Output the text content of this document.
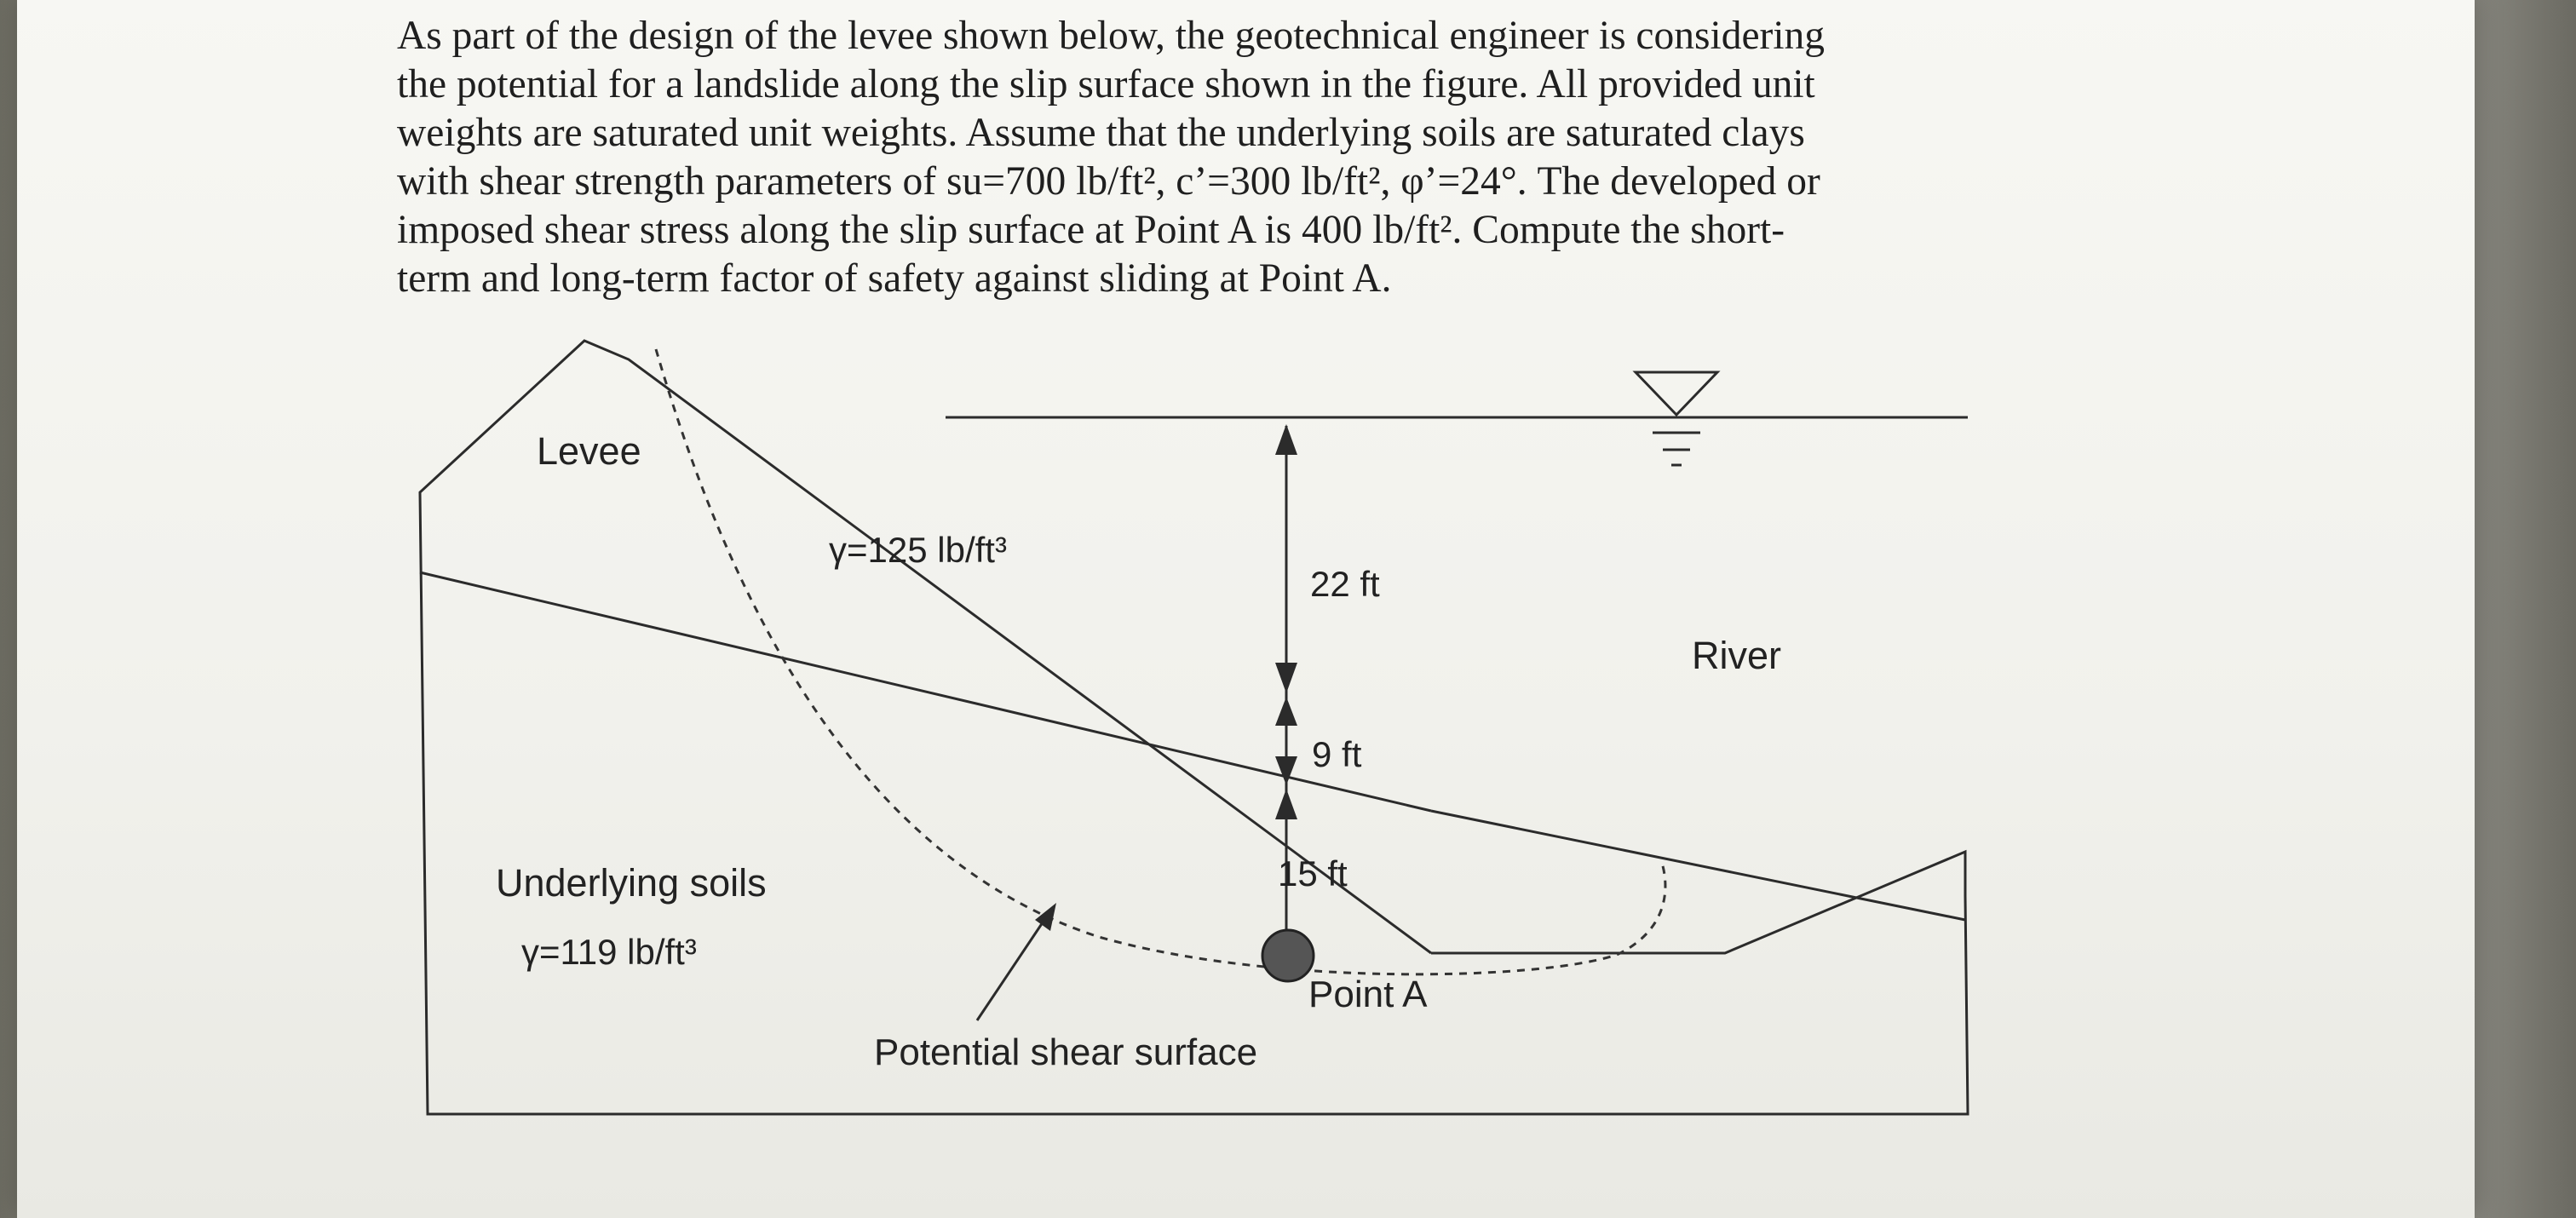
As part of the design of the levee shown below, the geotechnical engineer is considering
the potential for a landslide along the slip surface shown in the figure. All provided unit
weights are saturated unit weights. Assume that the underlying soils are saturated clays
with shear strength parameters of su=700 lb/ft², c’=300 lb/ft², φ’=24°. The developed or
imposed shear stress along the slip surface at Point A is 400 lb/ft². Compute the short-
term and long-term factor of safety against sliding at Point A.

Levee
γ=125 lb/ft³
22 ft
River
9 ft
15 ft
Underlying soils
γ=119 lb/ft³
Point A
Potential shear surface
